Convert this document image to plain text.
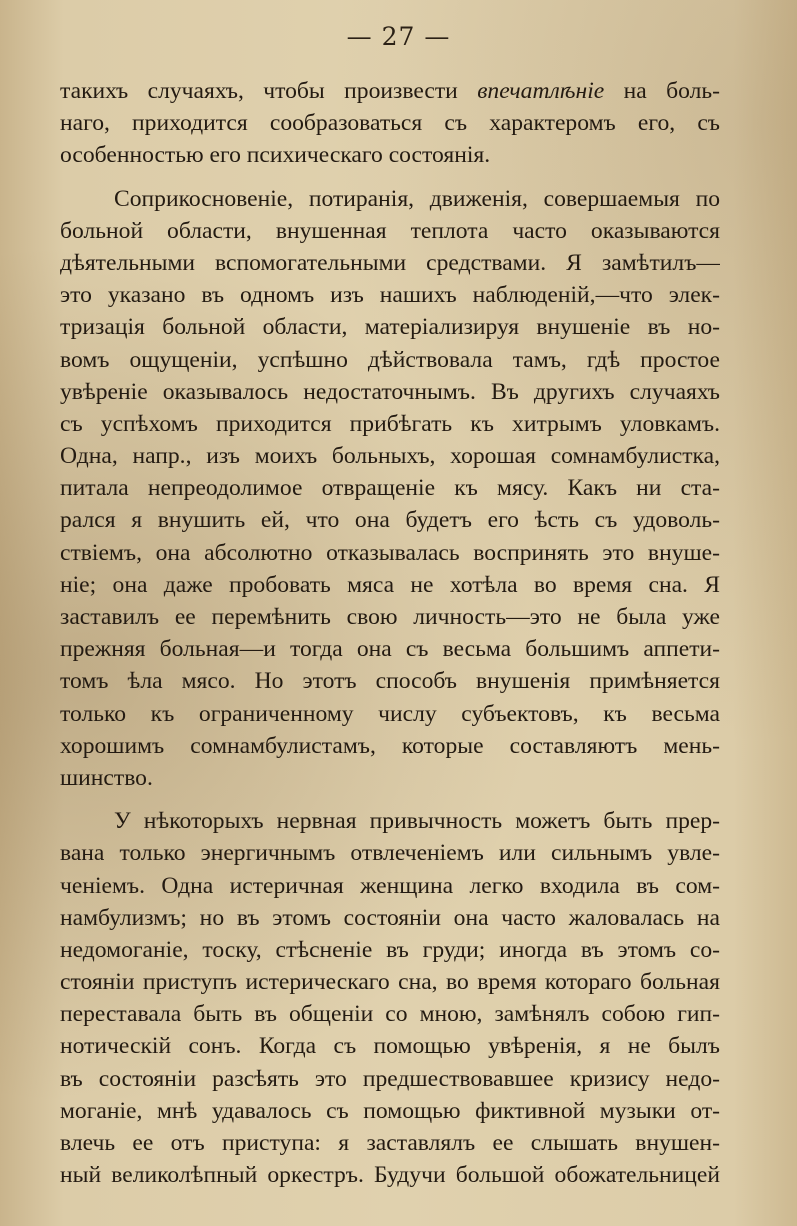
— 27 —
такихъ случаяхъ, чтобы произвести впечатлѣніе на боль-
наго, приходится сообразоваться съ характеромъ его, съ
особенностью его психическаго состоянія.
Соприкосновеніе, потиранія, движенія, совершаемыя по
больной области, внушенная теплота часто оказываются
дѣятельными вспомогательными средствами. Я замѣтилъ—
это указано въ одномъ изъ нашихъ наблюденій,—что элек-
тризація больной области, матеріализируя внушеніе въ но-
вомъ ощущеніи, успѣшно дѣйствовала тамъ, гдѣ простое
увѣреніе оказывалось недостаточнымъ. Въ другихъ случаяхъ
съ успѣхомъ приходится прибѣгать къ хитрымъ уловкамъ.
Одна, напр., изъ моихъ больныхъ, хорошая сомнамбулистка,
питала непреодолимое отвращеніе къ мясу. Какъ ни ста-
рался я внушить ей, что она будетъ его ѣсть съ удоволь-
ствіемъ, она абсолютно отказывалась воспринять это внуше-
ніе; она даже пробовать мяса не хотѣла во время сна. Я
заставилъ ее перемѣнить свою личность—это не была уже
прежняя больная—и тогда она съ весьма большимъ аппети-
томъ ѣла мясо. Но этотъ способъ внушенія примѣняется
только къ ограниченному числу субъектовъ, къ весьма
хорошимъ сомнамбулистамъ, которые составляютъ мень-
шинство.
У нѣкоторыхъ нервная привычность можетъ быть прер-
вана только энергичнымъ отвлеченіемъ или сильнымъ увле-
ченіемъ. Одна истеричная женщина легко входила въ сом-
намбулизмъ; но въ этомъ состояніи она часто жаловалась на
недомоганіе, тоску, стѣсненіе въ груди; иногда въ этомъ со-
стояніи приступъ истерическаго сна, во время котораго больная
переставала быть въ общеніи со мною, замѣнялъ собою гип-
нотическій сонъ. Когда съ помощью увѣренія, я не былъ
въ состояніи разсѣять это предшествовавшее кризису недо-
моганіе, мнѣ удавалось съ помощью фиктивной музыки от-
влечь ее отъ приступа: я заставлялъ ее слышать внушен-
ный великолѣпный оркестръ. Будучи большой обожательницей
